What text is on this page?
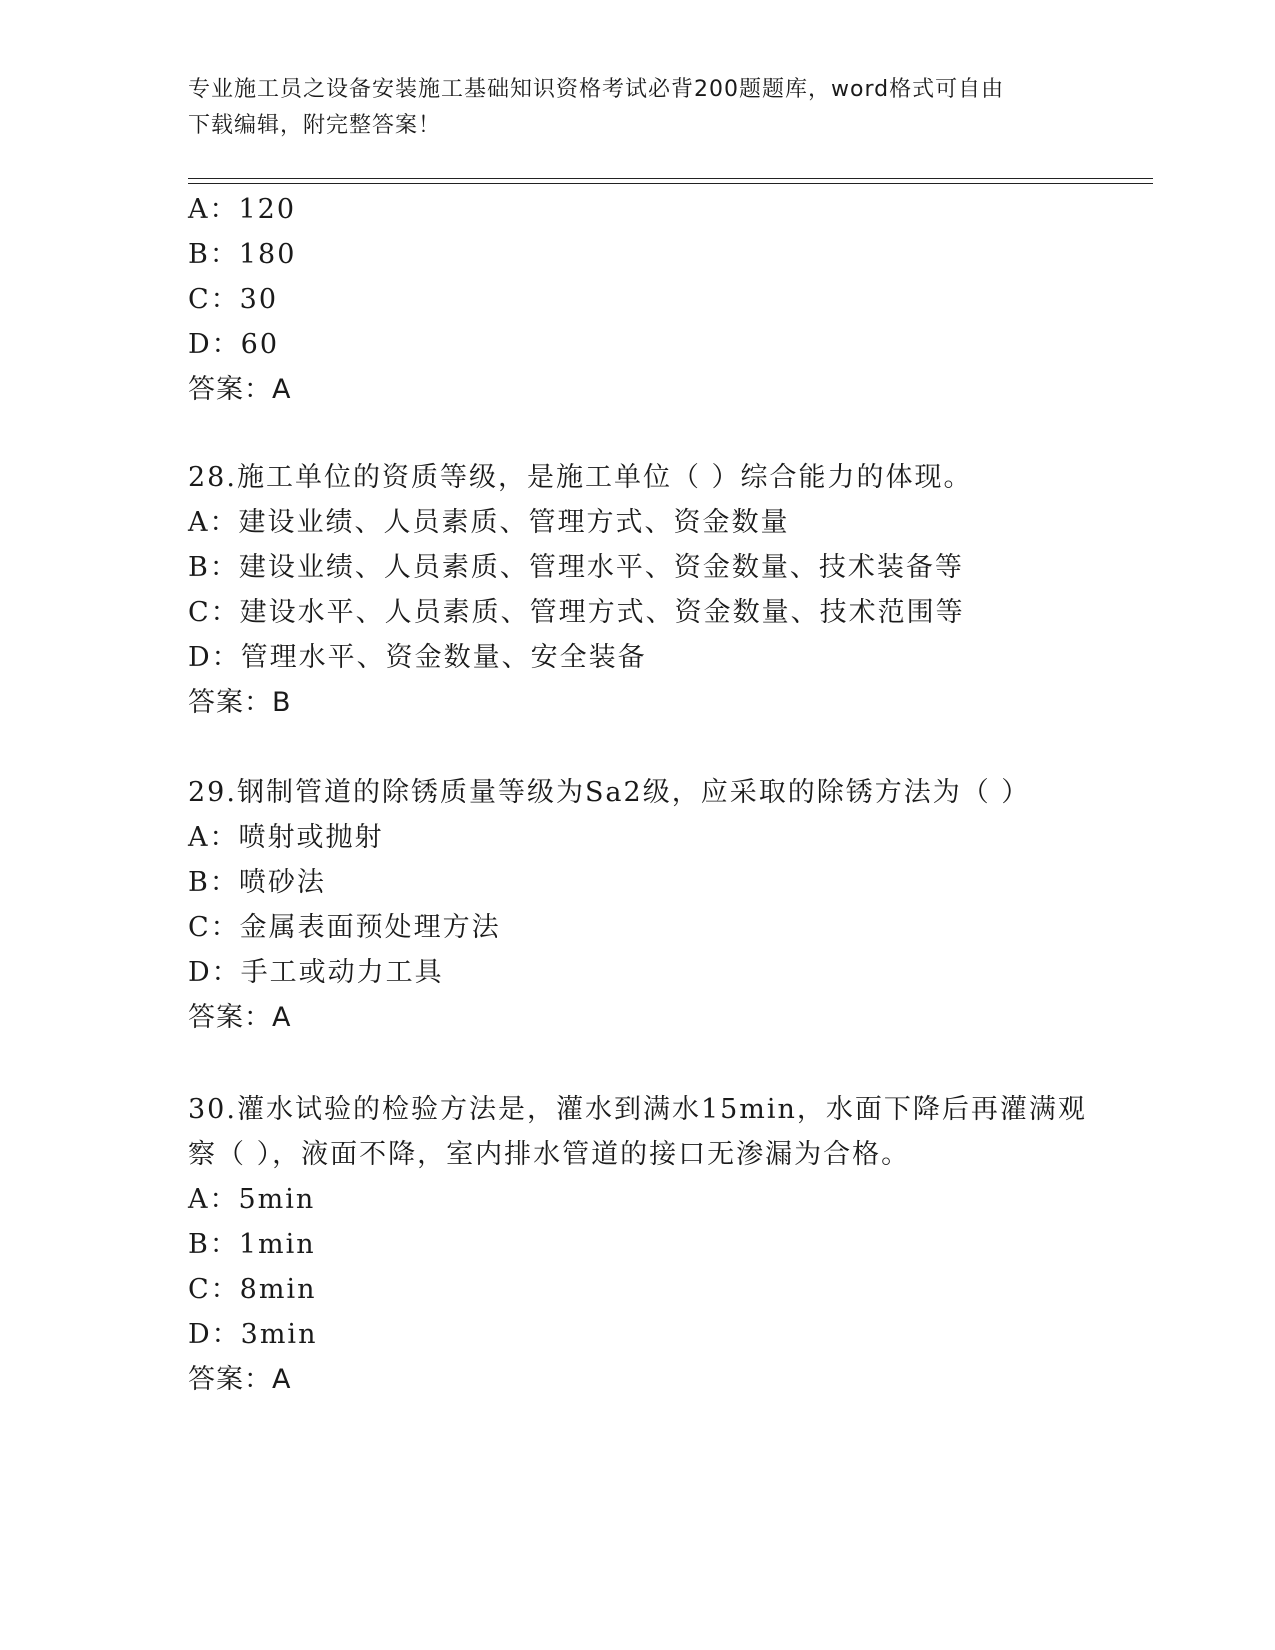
专业施工员之设备安装施工基础知识资格考试必背200题题库，word格式可自由
下载编辑，附完整答案！
A：120
B：180
C：30
D：60
答案：A
28.施工单位的资质等级，是施工单位（ ）综合能力的体现。
A：建设业绩、人员素质、管理方式、资金数量
B：建设业绩、人员素质、管理水平、资金数量、技术装备等
C：建设水平、人员素质、管理方式、资金数量、技术范围等
D：管理水平、资金数量、安全装备
答案：B
29.钢制管道的除锈质量等级为Sa2级，应采取的除锈方法为（ ）
A：喷射或抛射
B：喷砂法
C：金属表面预处理方法
D：手工或动力工具
答案：A
30.灌水试验的检验方法是，灌水到满水15min，水面下降后再灌满观
察（ ），液面不降，室内排水管道的接口无渗漏为合格。
A：5min
B：1min
C：8min
D：3min
答案：A
